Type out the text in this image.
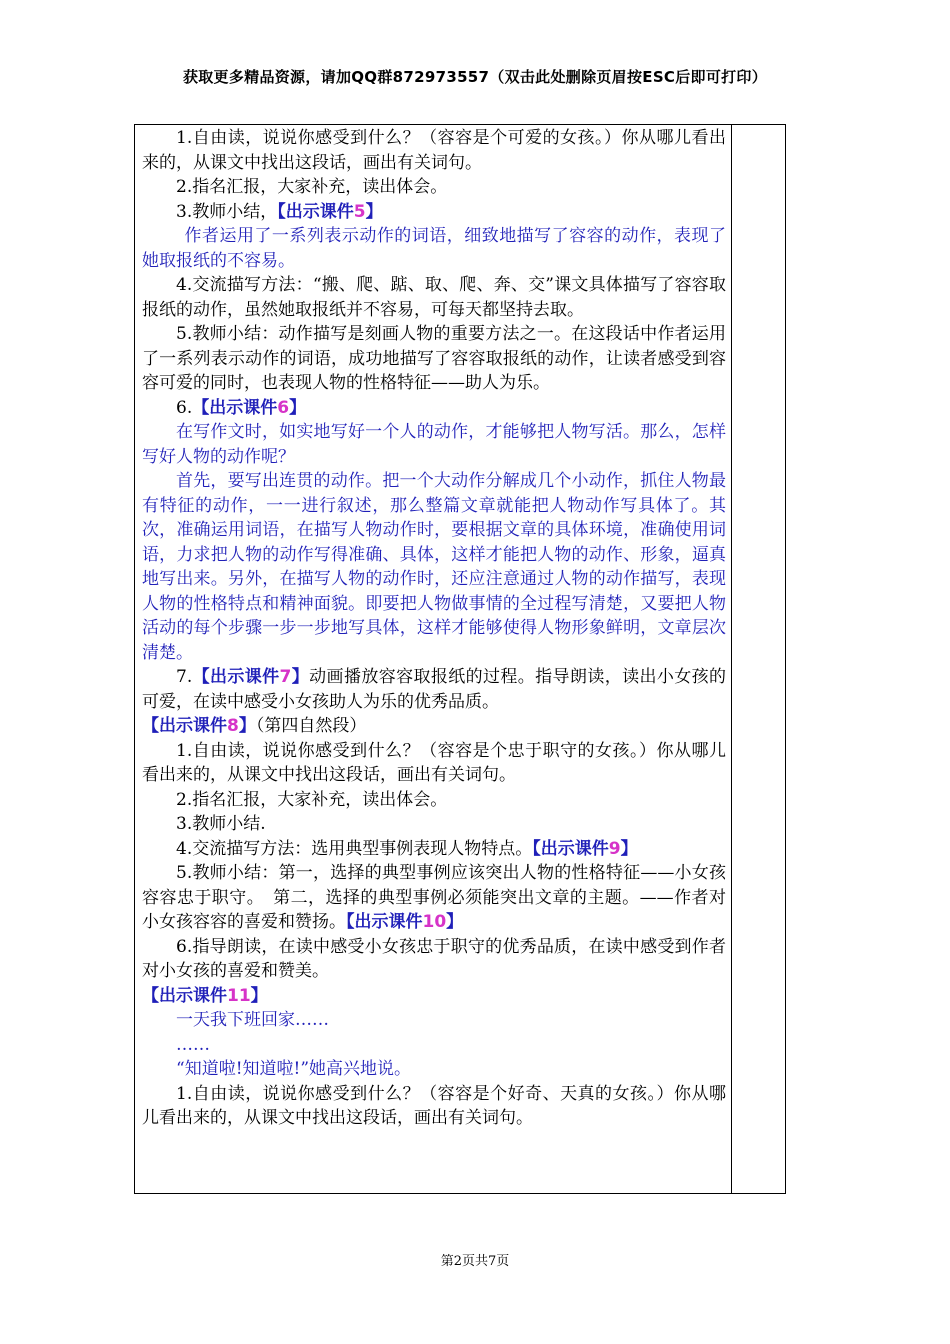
获取更多精品资源，请加QQ群872973557（双击此处删除页眉按ESC后即可打印）

1.自由读，说说你感受到什么？（容容是个可爱的女孩。）你从哪儿看出来的，从课文中找出这段话，画出有关词句。

2.指名汇报，大家补充，读出体会。

3.教师小结，【出示课件5】

作者运用了一系列表示动作的词语，细致地描写了容容的动作，表现了她取报纸的不容易。

4.交流描写方法：“搬、爬、踮、取、爬、奔、交”课文具体描写了容容取报纸的动作，虽然她取报纸并不容易，可每天都坚持去取。

5.教师小结：动作描写是刻画人物的重要方法之一。在这段话中作者运用了一系列表示动作的词语，成功地描写了容容取报纸的动作，让读者感受到容容可爱的同时，也表现人物的性格特征——助人为乐。

6.【出示课件6】

在写作文时，如实地写好一个人的动作，才能够把人物写活。那么，怎样写好人物的动作呢？

首先，要写出连贯的动作。把一个大动作分解成几个小动作，抓住人物最有特征的动作，一一进行叙述，那么整篇文章就能把人物动作写具体了。其次，准确运用词语，在描写人物动作时，要根据文章的具体环境，准确使用词语，力求把人物的动作写得准确、具体，这样才能把人物的动作、形象，逼真地写出来。另外，在描写人物的动作时，还应注意通过人物的动作描写，表现人物的性格特点和精神面貌。即要把人物做事情的全过程写清楚，又要把人物活动的每个步骤一步一步地写具体，这样才能够使得人物形象鲜明，文章层次清楚。

7.【出示课件7】动画播放容容取报纸的过程。指导朗读，读出小女孩的可爱，在读中感受小女孩助人为乐的优秀品质。

【出示课件8】（第四自然段）

1.自由读，说说你感受到什么？（容容是个忠于职守的女孩。）你从哪儿看出来的，从课文中找出这段话，画出有关词句。

2.指名汇报，大家补充，读出体会。

3.教师小结.

4.交流描写方法：选用典型事例表现人物特点。【出示课件9】

5.教师小结：第一，选择的典型事例应该突出人物的性格特征——小女孩容容忠于职守。　第二，选择的典型事例必须能突出文章的主题。——作者对小女孩容容的喜爱和赞扬。【出示课件10】

6.指导朗读，在读中感受小女孩忠于职守的优秀品质，在读中感受到作者对小女孩的喜爱和赞美。

【出示课件11】

一天我下班回家……

……

“知道啦!知道啦!”她高兴地说。

1.自由读，说说你感受到什么？（容容是个好奇、天真的女孩。）你从哪儿看出来的，从课文中找出这段话，画出有关词句。

第2页共7页
